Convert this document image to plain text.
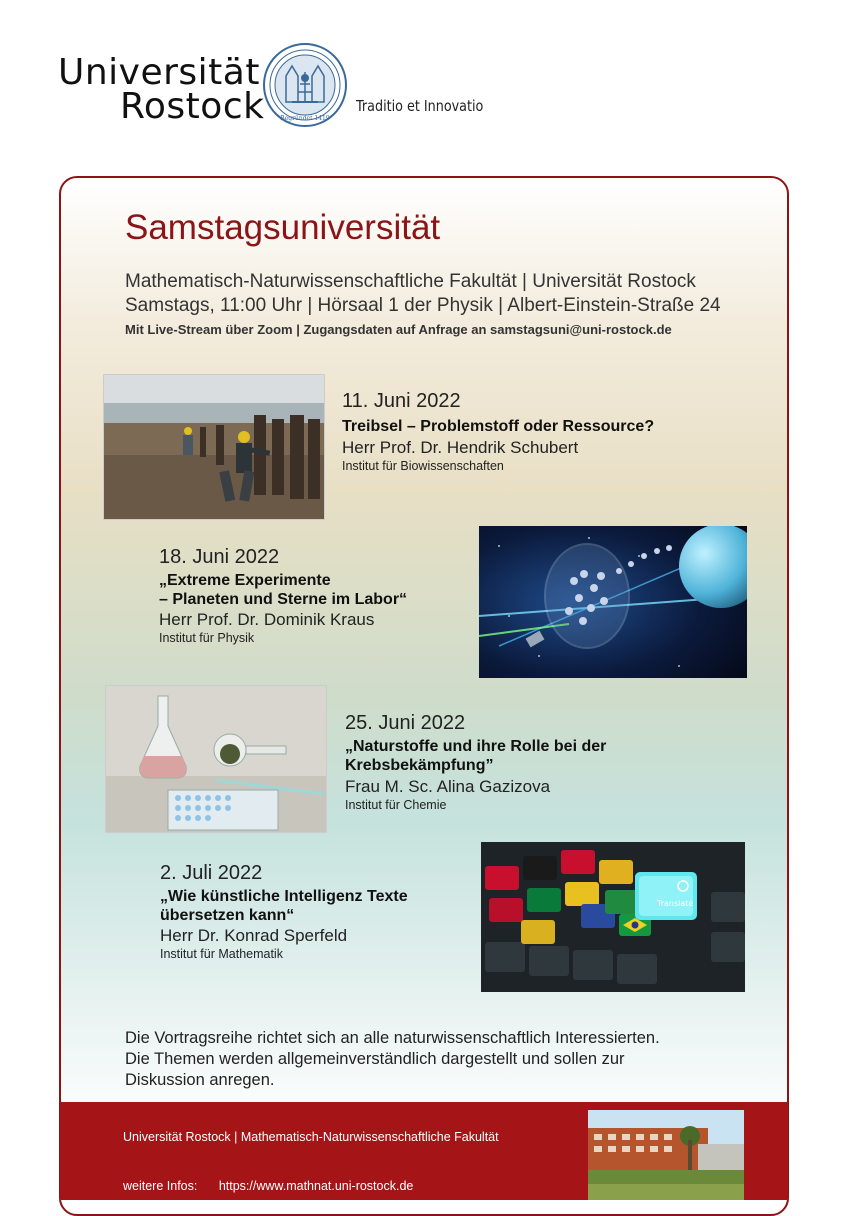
Universität
Rostock	Begründet 1419
Traditio et Innovatio
Samstagsuniversität
Mathematisch-Naturwissenschaftliche Fakultät | Universität Rostock
Samstags, 11:00 Uhr | Hörsaal 1 der Physik | Albert-Einstein-Straße 24
Mit Live-Stream über Zoom | Zugangsdaten auf Anfrage an samstagsuni@uni-rostock.de
11. Juni 2022
Treibsel – Problemstoff oder Ressource?
Herr Prof. Dr. Hendrik Schubert
Institut für Biowissenschaften
18. Juni 2022
„Extreme Experimente
– Planeten und Sterne im Labor“
Herr Prof. Dr. Dominik Kraus
Institut für Physik
25. Juni 2022
„Naturstoffe und ihre Rolle bei der
Krebsbekämpfung”
Frau M. Sc. Alina Gazizova
Institut für Chemie
2. Juli 2022
„Wie künstliche Intelligenz Texte
übersetzen kann“
Herr Dr. Konrad Sperfeld
Institut für Mathematik
Translate
Die Vortragsreihe richtet sich an alle naturwissenschaftlich Interessierten.
Die Themen werden allgemeinverständlich dargestellt und sollen zur
Diskussion anregen.
Universität Rostock | Mathematisch-Naturwissenschaftliche Fakultät
weitere Infos: https://www.mathnat.uni-rostock.de
